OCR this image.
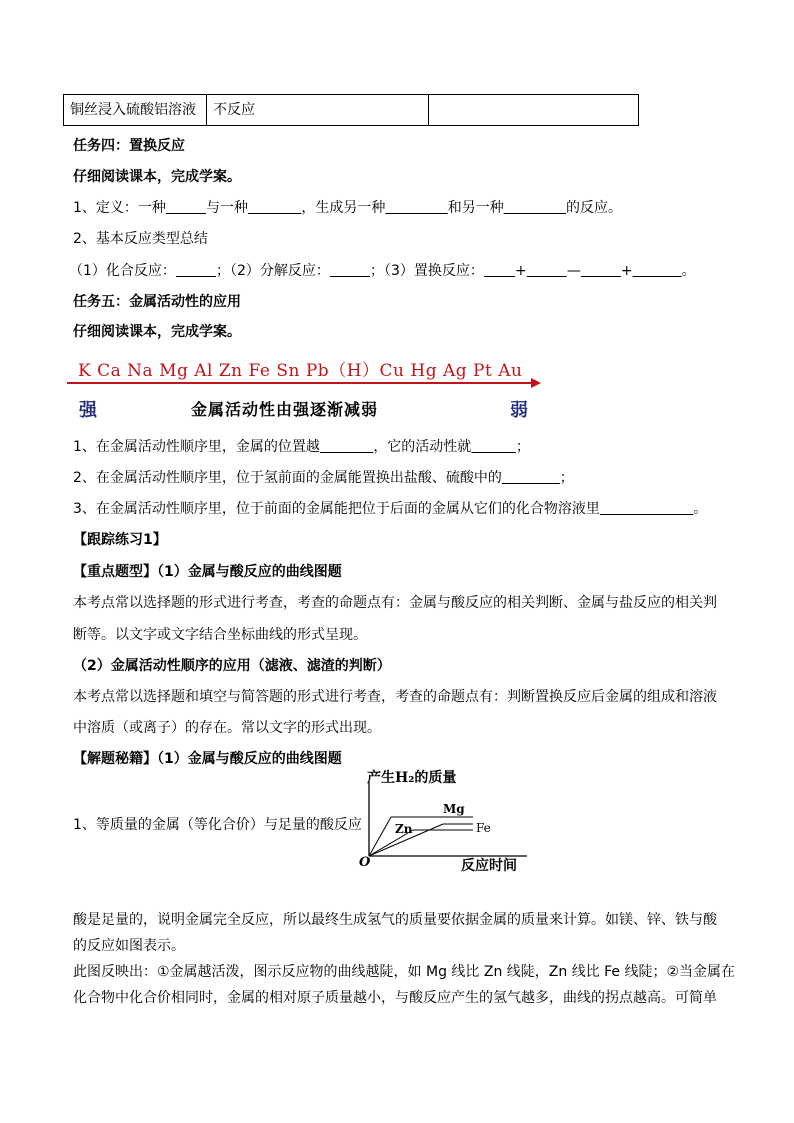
铜丝浸入硫酸铝溶液	不反应
任务四：置换反应
仔细阅读课本，完成学案。
1、定义：一种	与一种	，生成另一种	和另一种	的反应。
2、基本反应类型总结
（1）化合反应：	；（2）分解反应：	；（3）置换反应： +	—	+	。
任务五：金属活动性的应用
仔细阅读课本，完成学案。
K Ca Na Mg Al Zn Fe Sn Pb（H）Cu Hg Ag Pt Au
强	金属活动性由强逐渐减弱	弱
1、在金属活动性顺序里，金属的位置越	，它的活动性就	；
2、在金属活动性顺序里，位于氢前面的金属能置换出盐酸、硫酸中的	；
3、在金属活动性顺序里，位于前面的金属能把位于后面的金属从它们的化合物溶液里	。
【跟踪练习1】
【重点题型】（1）金属与酸反应的曲线图题
本考点常以选择题的形式进行考查，考查的命题点有：金属与酸反应的相关判断、金属与盐反应的相关判
断等。以文字或文字结合坐标曲线的形式呈现。
（2）金属活动性顺序的应用（滤液、滤渣的判断）
本考点常以选择题和填空与简答题的形式进行考查，考查的命题点有：判断置换反应后金属的组成和溶液
中溶质（或离子）的存在。常以文字的形式出现。
【解题秘籍】（1）金属与酸反应的曲线图题
1、等质量的金属（等化合价）与足量的酸反应
产生H₂的质量
Mg
Zn	Fe
O	反应时间
酸是足量的，说明金属完全反应，所以最终生成氢气的质量要依据金属的质量来计算。如镁、锌、铁与酸
的反应如图表示。
此图反映出：①金属越活泼，图示反应物的曲线越陡，如 Mg 线比 Zn 线陡，Zn 线比 Fe 线陡；②当金属在
化合物中化合价相同时，金属的相对原子质量越小，与酸反应产生的氢气越多，曲线的拐点越高。可简单
